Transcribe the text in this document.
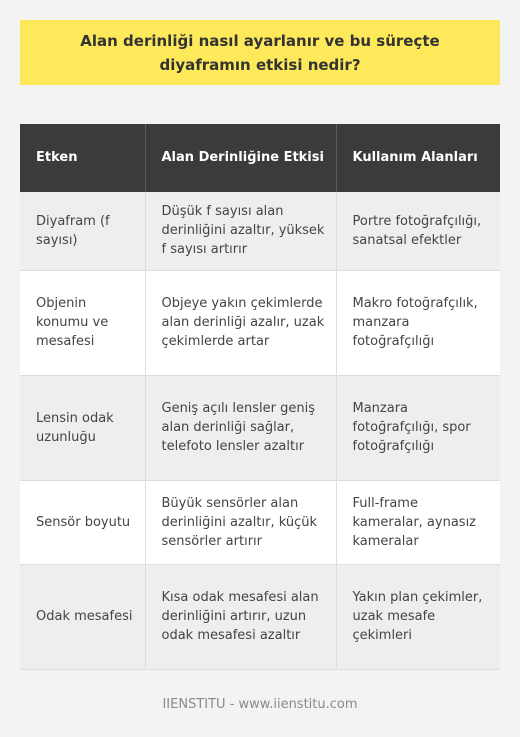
Alan derinliği nasıl ayarlanır ve bu süreçte diyaframın etkisi nedir?
Etken	Alan Derinliğine Etkisi	Kullanım Alanları
Diyafram (f sayısı)	Düşük f sayısı alan derinliğini azaltır, yüksek f sayısı artırır	Portre fotoğrafçılığı, sanatsal efektler
Objenin konumu ve mesafesi	Objeye yakın çekimlerde alan derinliği azalır, uzak çekimlerde artar	Makro fotoğrafçılık, manzara fotoğrafçılığı
Lensin odak uzunluğu	Geniş açılı lensler geniş alan derinliği sağlar, telefoto lensler azaltır	Manzara fotoğrafçılığı, spor fotoğrafçılığı
Sensör boyutu	Büyük sensörler alan derinliğini azaltır, küçük sensörler artırır	Full-frame kameralar, aynasız kameralar
Odak mesafesi	Kısa odak mesafesi alan derinliğini artırır, uzun odak mesafesi azaltır	Yakın plan çekimler, uzak mesafe çekimleri
IIENSTITU - www.iienstitu.com
